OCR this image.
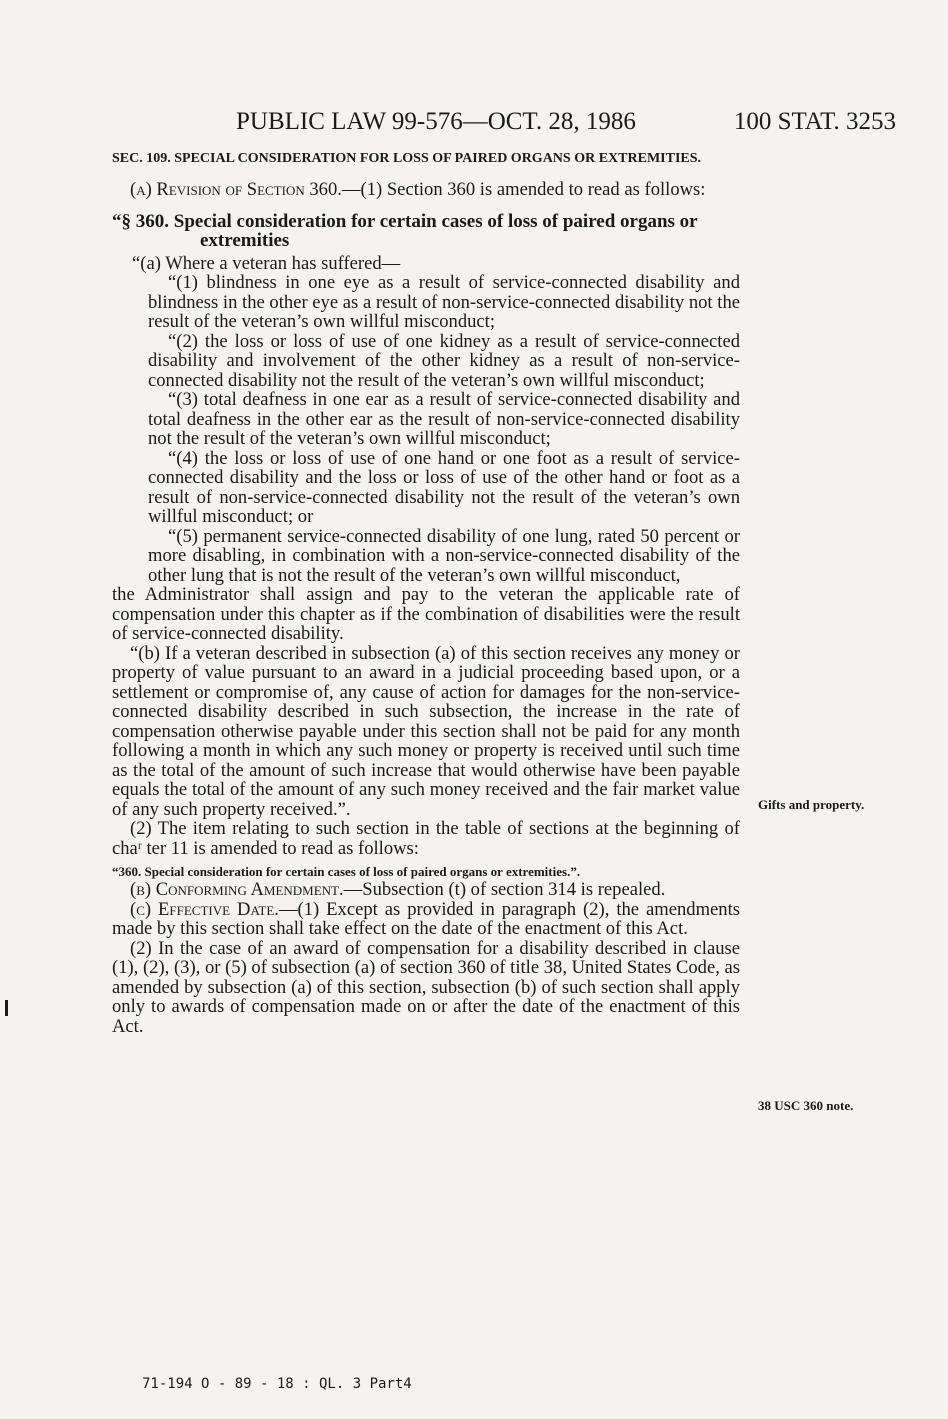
PUBLIC LAW 99-576—OCT. 28, 1986	100 STAT. 3253
SEC. 109. SPECIAL CONSIDERATION FOR LOSS OF PAIRED ORGANS OR EXTREMITIES.

(a) Revision of Section 360.—(1) Section 360 is amended to read as follows:

“§ 360. Special consideration for certain cases of loss of paired organs or extremities

“(a) Where a veteran has suffered—

“(1) blindness in one eye as a result of service-connected disability and blindness in the other eye as a result of non-service-connected disability not the result of the veteran’s own willful misconduct;

“(2) the loss or loss of use of one kidney as a result of service-connected disability and involvement of the other kidney as a result of non-service-connected disability not the result of the veteran’s own willful misconduct;

“(3) total deafness in one ear as a result of service-connected disability and total deafness in the other ear as the result of non-service-connected disability not the result of the veteran’s own willful misconduct;

“(4) the loss or loss of use of one hand or one foot as a result of service-connected disability and the loss or loss of use of the other hand or foot as a result of non-service-connected disability not the result of the veteran’s own willful misconduct; or

“(5) permanent service-connected disability of one lung, rated 50 percent or more disabling, in combination with a non-service-connected disability of the other lung that is not the result of the veteran’s own willful misconduct,

the Administrator shall assign and pay to the veteran the applicable rate of compensation under this chapter as if the combination of disabilities were the result of service-connected disability.

“(b) If a veteran described in subsection (a) of this section receives any money or property of value pursuant to an award in a judicial proceeding based upon, or a settlement or compromise of, any cause of action for damages for the non-service-connected disability described in such subsection, the increase in the rate of compensation otherwise payable under this section shall not be paid for any month following a month in which any such money or property is received until such time as the total of the amount of such increase that would otherwise have been payable equals the total of the amount of any such money received and the fair market value of any such property received.”.

(2) The item relating to such section in the table of sections at the beginning of chaʳ ter 11 is amended to read as follows:

“360. Special consideration for certain cases of loss of paired organs or extremities.”.

(b) Conforming Amendment.—Subsection (t) of section 314 is repealed.

(c) Effective Date.—(1) Except as provided in paragraph (2), the amendments made by this section shall take effect on the date of the enactment of this Act.

(2) In the case of an award of compensation for a disability described in clause (1), (2), (3), or (5) of subsection (a) of section 360 of title 38, United States Code, as amended by subsection (a) of this section, subsection (b) of such section shall apply only to awards of compensation made on or after the date of the enactment of this Act.

Gifts and property.
38 USC 360 note.
71-194 O - 89 - 18 : QL. 3 Part4
